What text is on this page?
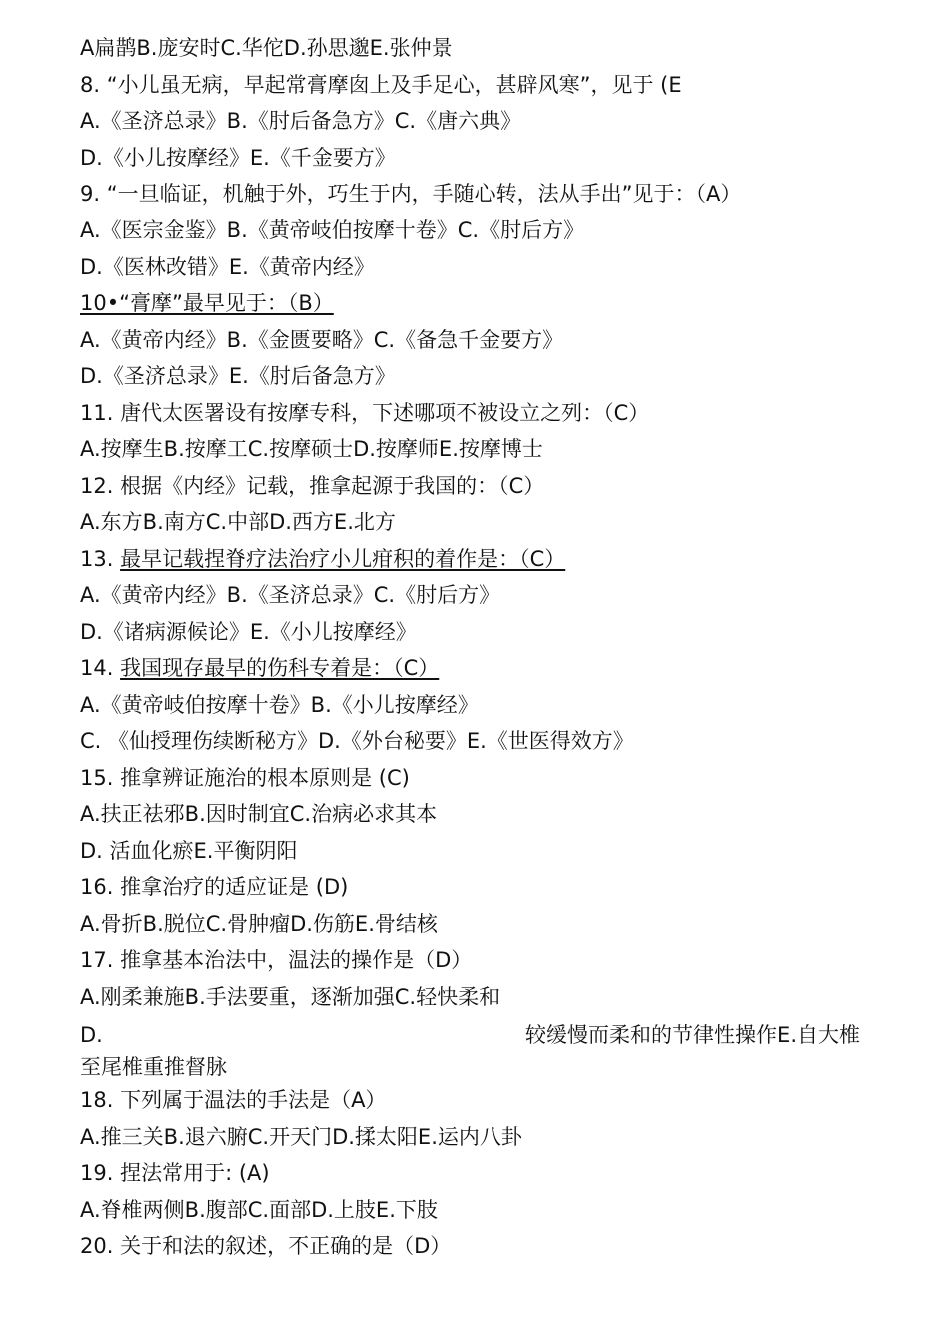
A扁鹊B.庞安时C.华佗D.孙思邈E.张仲景
8. “小儿虽无病，早起常膏摩囱上及手足心，甚辟风寒”，见于 (E
A.《圣济总录》B.《肘后备急方》C.《唐六典》
D.《小儿按摩经》E.《千金要方》
9. “一旦临证，机触于外，巧生于内，手随心转，法从手出”见于：（A）
A.《医宗金鉴》B.《黄帝岐伯按摩十卷》C.《肘后方》
D.《医林改错》E.《黄帝内经》
10•“膏摩”最早见于：（B）
A.《黄帝内经》B.《金匮要略》C.《备急千金要方》
D.《圣济总录》E.《肘后备急方》
11. 唐代太医署设有按摩专科，下述哪项不被设立之列：（C）
A.按摩生B.按摩工C.按摩硕士D.按摩师E.按摩博士
12. 根据《内经》记载，推拿起源于我国的：（C）
A.东方B.南方C.中部D.西方E.北方
13. 最早记载捏脊疗法治疗小儿疳积的着作是：（C）
A.《黄帝内经》B.《圣济总录》C.《肘后方》
D.《诸病源候论》E.《小儿按摩经》
14. 我国现存最早的伤科专着是：（C）
A.《黄帝岐伯按摩十卷》B.《小儿按摩经》
C. 《仙授理伤续断秘方》D.《外台秘要》E.《世医得效方》
15. 推拿辨证施治的根本原则是 (C)
A.扶正祛邪B.因时制宜C.治病必求其本
D. 活血化瘀E.平衡阴阳
16. 推拿治疗的适应证是 (D)
A.骨折B.脱位C.骨肿瘤D.伤筋E.骨结核
17. 推拿基本治法中，温法的操作是（D）
A.刚柔兼施B.手法要重，逐渐加强C.轻快柔和
D.	较缓慢而柔和的节律性操作E.自大椎
至尾椎重推督脉
18. 下列属于温法的手法是（A）
A.推三关B.退六腑C.开天门D.揉太阳E.运内八卦
19. 捏法常用于: (A)
A.脊椎两侧B.腹部C.面部D.上肢E.下肢
20. 关于和法的叙述，不正确的是（D）
